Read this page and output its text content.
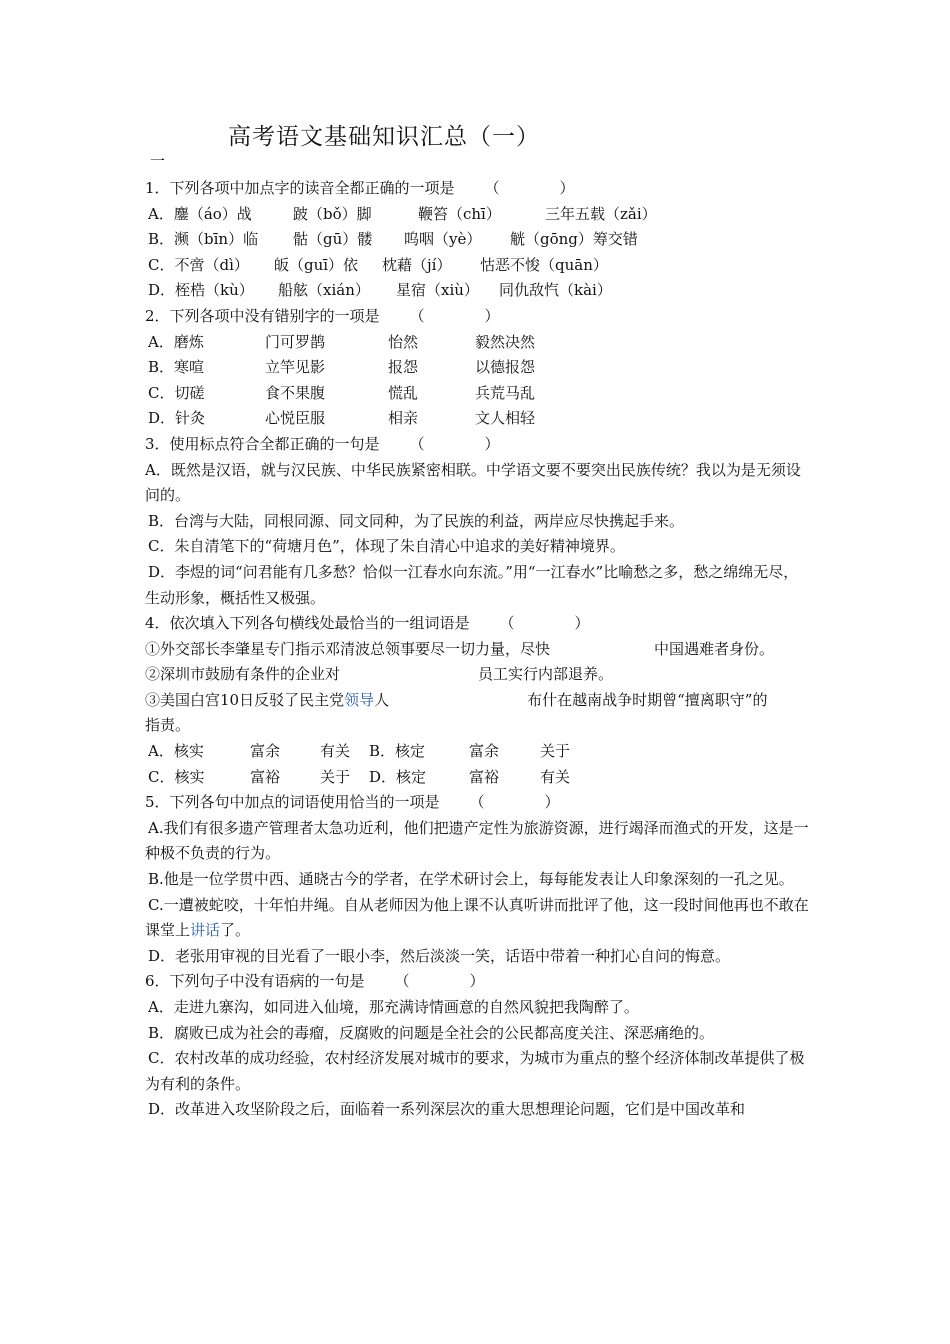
高考语文基础知识汇总（一）
一
1．下列各项中加点字的读音全都正确的一项是 （　　　　）
A．鏖（áo）战	跛（bǒ）脚	鞭笞（chī）	三年五载（zǎi）
B．濒（bīn）临	骷（gū）髅	呜咽（yè）	觥（gōng）筹交错
C．不啻（dì）	皈（guī）依	枕藉（jí）	怙恶不悛（quān）
D．桎梏（kù）	船舷（xián）	星宿（xiù）	同仇敌忾（kài）
2．下列各项中没有错别字的一项是 （　　　　）
A．磨炼	门可罗鹊	怡然	毅然决然
B．寒喧	立竿见影	报怨	以德报怨
C．切磋	食不果腹	慌乱	兵荒马乱
D．针灸	心悦臣服	相亲	文人相轻
3．使用标点符合全都正确的一句是 （　　　　）
A．既然是汉语，就与汉民族、中华民族紧密相联。中学语文要不要突出民族传统？我以为是无须设问的。
B．台湾与大陆，同根同源、同文同种，为了民族的利益，两岸应尽快携起手来。
C．朱自清笔下的“荷塘月色”，体现了朱自清心中追求的美好精神境界。
D．李煜的词“问君能有几多愁？恰似一江春水向东流。”用“一江春水”比喻愁之多，愁之绵绵无尽，生动形象，概括性又极强。
4．依次填入下列各句横线处最恰当的一组词语是 （　　　　）
①外交部长李肇星专门指示邓清波总领事要尽一切力量，尽快	中国遇难者身份。
②深圳市鼓励有条件的企业对	员工实行内部退养。
③美国白宫10日反驳了民主党领导人	布什在越南战争时期曾“擅离职守”的
指责。
A．核实	富余	有关	B．核定	富余	关于
C．核实	富裕	关于	D．核定	富裕	有关
5．下列各句中加点的词语使用恰当的一项是 （　　　　）
A.我们有很多遗产管理者太急功近利，他们把遗产定性为旅游资源，进行竭泽而渔式的开发，这是一种极不负责的行为。
B.他是一位学贯中西、通晓古今的学者，在学术研讨会上，每每能发表让人印象深刻的一孔之见。
C.一遭被蛇咬，十年怕井绳。自从老师因为他上课不认真听讲而批评了他，这一段时间他再也不敢在课堂上讲话了。
D．老张用审视的目光看了一眼小李，然后淡淡一笑，话语中带着一种扪心自问的悔意。
6．下列句子中没有语病的一句是 （　　　　）
A．走进九寨沟，如同进入仙境，那充满诗情画意的自然风貌把我陶醉了。
B．腐败已成为社会的毒瘤，反腐败的问题是全社会的公民都高度关注、深恶痛绝的。
C．农村改革的成功经验，农村经济发展对城市的要求，为城市为重点的整个经济体制改革提供了极为有利的条件。
D．改革进入攻坚阶段之后，面临着一系列深层次的重大思想理论问题，它们是中国改革和
